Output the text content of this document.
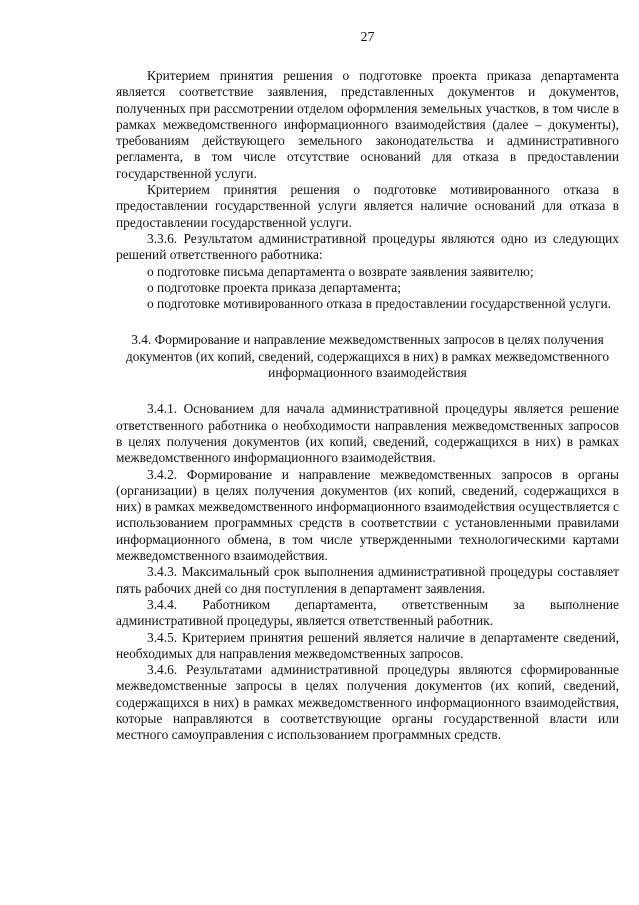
27

Критерием принятия решения о подготовке проекта приказа департамента является соответствие заявления, представленных документов и документов, полученных при рассмотрении отделом оформления земельных участков, в том числе в рамках межведомственного информационного взаимодействия (далее – документы), требованиям действующего земельного законодательства и административного регламента, в том числе отсутствие оснований для отказа в предоставлении государственной услуги.

Критерием принятия решения о подготовке мотивированного отказа в предоставлении государственной услуги является наличие оснований для отказа в предоставлении государственной услуги.

3.3.6. Результатом административной процедуры являются одно из следующих решений ответственного работника:

о подготовке письма департамента о возврате заявления заявителю;

о подготовке проекта приказа департамента;

о подготовке мотивированного отказа в предоставлении государственной услуги.

3.4. Формирование и направление межведомственных запросов в целях получения документов (их копий, сведений, содержащихся в них) в рамках межведомственного информационного взаимодействия

3.4.1. Основанием для начала административной процедуры является решение ответственного работника о необходимости направления межведомственных запросов в целях получения документов (их копий, сведений, содержащихся в них) в рамках межведомственного информационного взаимодействия.

3.4.2. Формирование и направление межведомственных запросов в органы (организации) в целях получения документов (их копий, сведений, содержащихся в них) в рамках межведомственного информационного взаимодействия осуществляется с использованием программных средств в соответствии с установленными правилами информационного обмена, в том числе утвержденными технологическими картами межведомственного взаимодействия.

3.4.3. Максимальный срок выполнения административной процедуры составляет пять рабочих дней со дня поступления в департамент заявления.

3.4.4. Работником департамента, ответственным за выполнение административной процедуры, является ответственный работник.

3.4.5. Критерием принятия решений является наличие в департаменте сведений, необходимых для направления межведомственных запросов.

3.4.6. Результатами административной процедуры являются сформированные межведомственные запросы в целях получения документов (их копий, сведений, содержащихся в них) в рамках межведомственного информационного взаимодействия, которые направляются в соответствующие органы государственной власти или местного самоуправления с использованием программных средств.
